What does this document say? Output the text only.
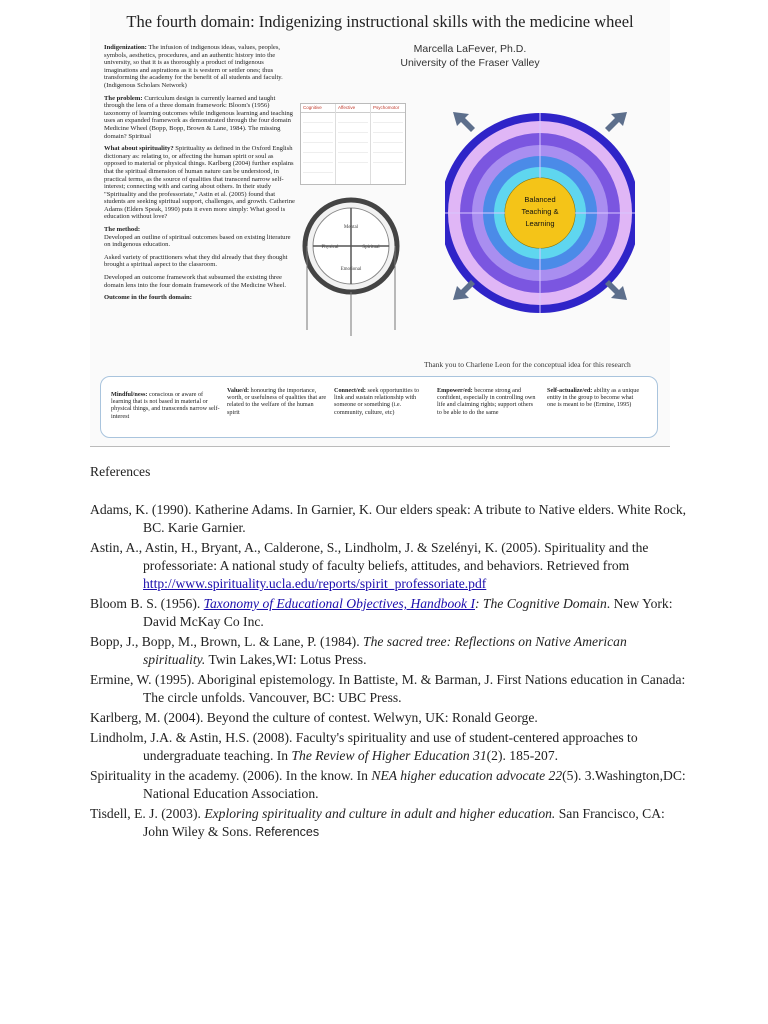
The fourth domain: Indigenizing instructional skills with the medicine wheel
Marcella LaFever, Ph.D.
University of the Fraser Valley

Indigenization: The infusion of indigenous ideas, values, peoples, symbols, aesthetics, procedures, and an authentic history into the university, so that it is as thoroughly a product of indigenous imaginations and aspirations as it is western or settler ones; thus transforming the academy for the benefit of all students and faculty. (Indigenous Scholars Network)

The problem: Curriculum design is currently learned and taught through the lens of a three domain framework: Bloom's (1956) taxonomy of learning outcomes while indigenous learning and teaching uses an expanded framework as demonstrated through the four domain Medicine Wheel (Bopp, Bopp, Brown & Lane, 1984). The missing domain? Spiritual

What about spirituality? Spirituality as defined in the Oxford English dictionary as: relating to, or affecting the human spirit or soul as opposed to material or physical things. Karlberg (2004) further explains that the spiritual dimension of human nature can be understood, in practical terms, as the source of qualities that transcend narrow self-interest; connecting with and caring about others. In their study "Spirituality and the professoriate," Astin et al. (2005) found that students are seeking spiritual support, challenges, and growth. Catherine Adams (Elders Speak, 1990) puts it even more simply: What good is education without love?

The method:

Developed an outline of spiritual outcomes based on existing literature on indigenous education.

Asked variety of practitioners what they did already that they thought brought a spiritual aspect to the classroom.

Developed an outcome framework that subsumed the existing three domain lens into the four domain framework of the Medicine Wheel.

Outcome in the fourth domain:

Cognitive	Affective	Psychomotor
Mental
Spiritual
Physical
Emotional
Balanced
Teaching &
Learning
Thank you to Charlene Leon for the conceptual idea for this research
Mindful/ness: conscious or aware of learning that is not based in material or physical things, and transcends narrow self-interest
Value/d: honouring the importance, worth, or usefulness of qualities that are related to the welfare of the human spirit
Connect/ed: seek opportunities to link and sustain relationship with someone or something (i.e. community, culture, etc)
Empower/ed: become strong and confident, especially in controlling own life and claiming rights; support others to be able to do the same
Self-actualize/ed: ability as a unique entity in the group to become what one is meant to be (Ermine, 1995)
References
Adams, K. (1990). Katherine Adams. In Garnier, K. Our elders speak: A tribute to Native elders. White Rock, BC. Karie Garnier.
Astin, A., Astin, H., Bryant, A., Calderone, S., Lindholm, J. & Szelényi, K. (2005). Spirituality and the professoriate: A national study of faculty beliefs, attitudes, and behaviors. Retrieved from http://www.spirituality.ucla.edu/reports/spirit_professoriate.pdf
Bloom B. S. (1956). Taxonomy of Educational Objectives, Handbook I: The Cognitive Domain. New York: David McKay Co Inc.
Bopp, J., Bopp, M., Brown, L. & Lane, P. (1984). The sacred tree: Reflections on Native American spirituality. Twin Lakes,WI: Lotus Press.
Ermine, W. (1995). Aboriginal epistemology. In Battiste, M. & Barman, J. First Nations education in Canada: The circle unfolds. Vancouver, BC: UBC Press.
Karlberg, M. (2004). Beyond the culture of contest. Welwyn, UK: Ronald George.
Lindholm, J.A. & Astin, H.S. (2008). Faculty's spirituality and use of student-centered approaches to undergraduate teaching. In The Review of Higher Education 31(2). 185-207.
Spirituality in the academy. (2006). In the know. In NEA higher education advocate 22(5). 3.Washington,DC: National Education Association.
Tisdell, E. J. (2003). Exploring spirituality and culture in adult and higher education. San Francisco, CA: John Wiley & Sons. References
